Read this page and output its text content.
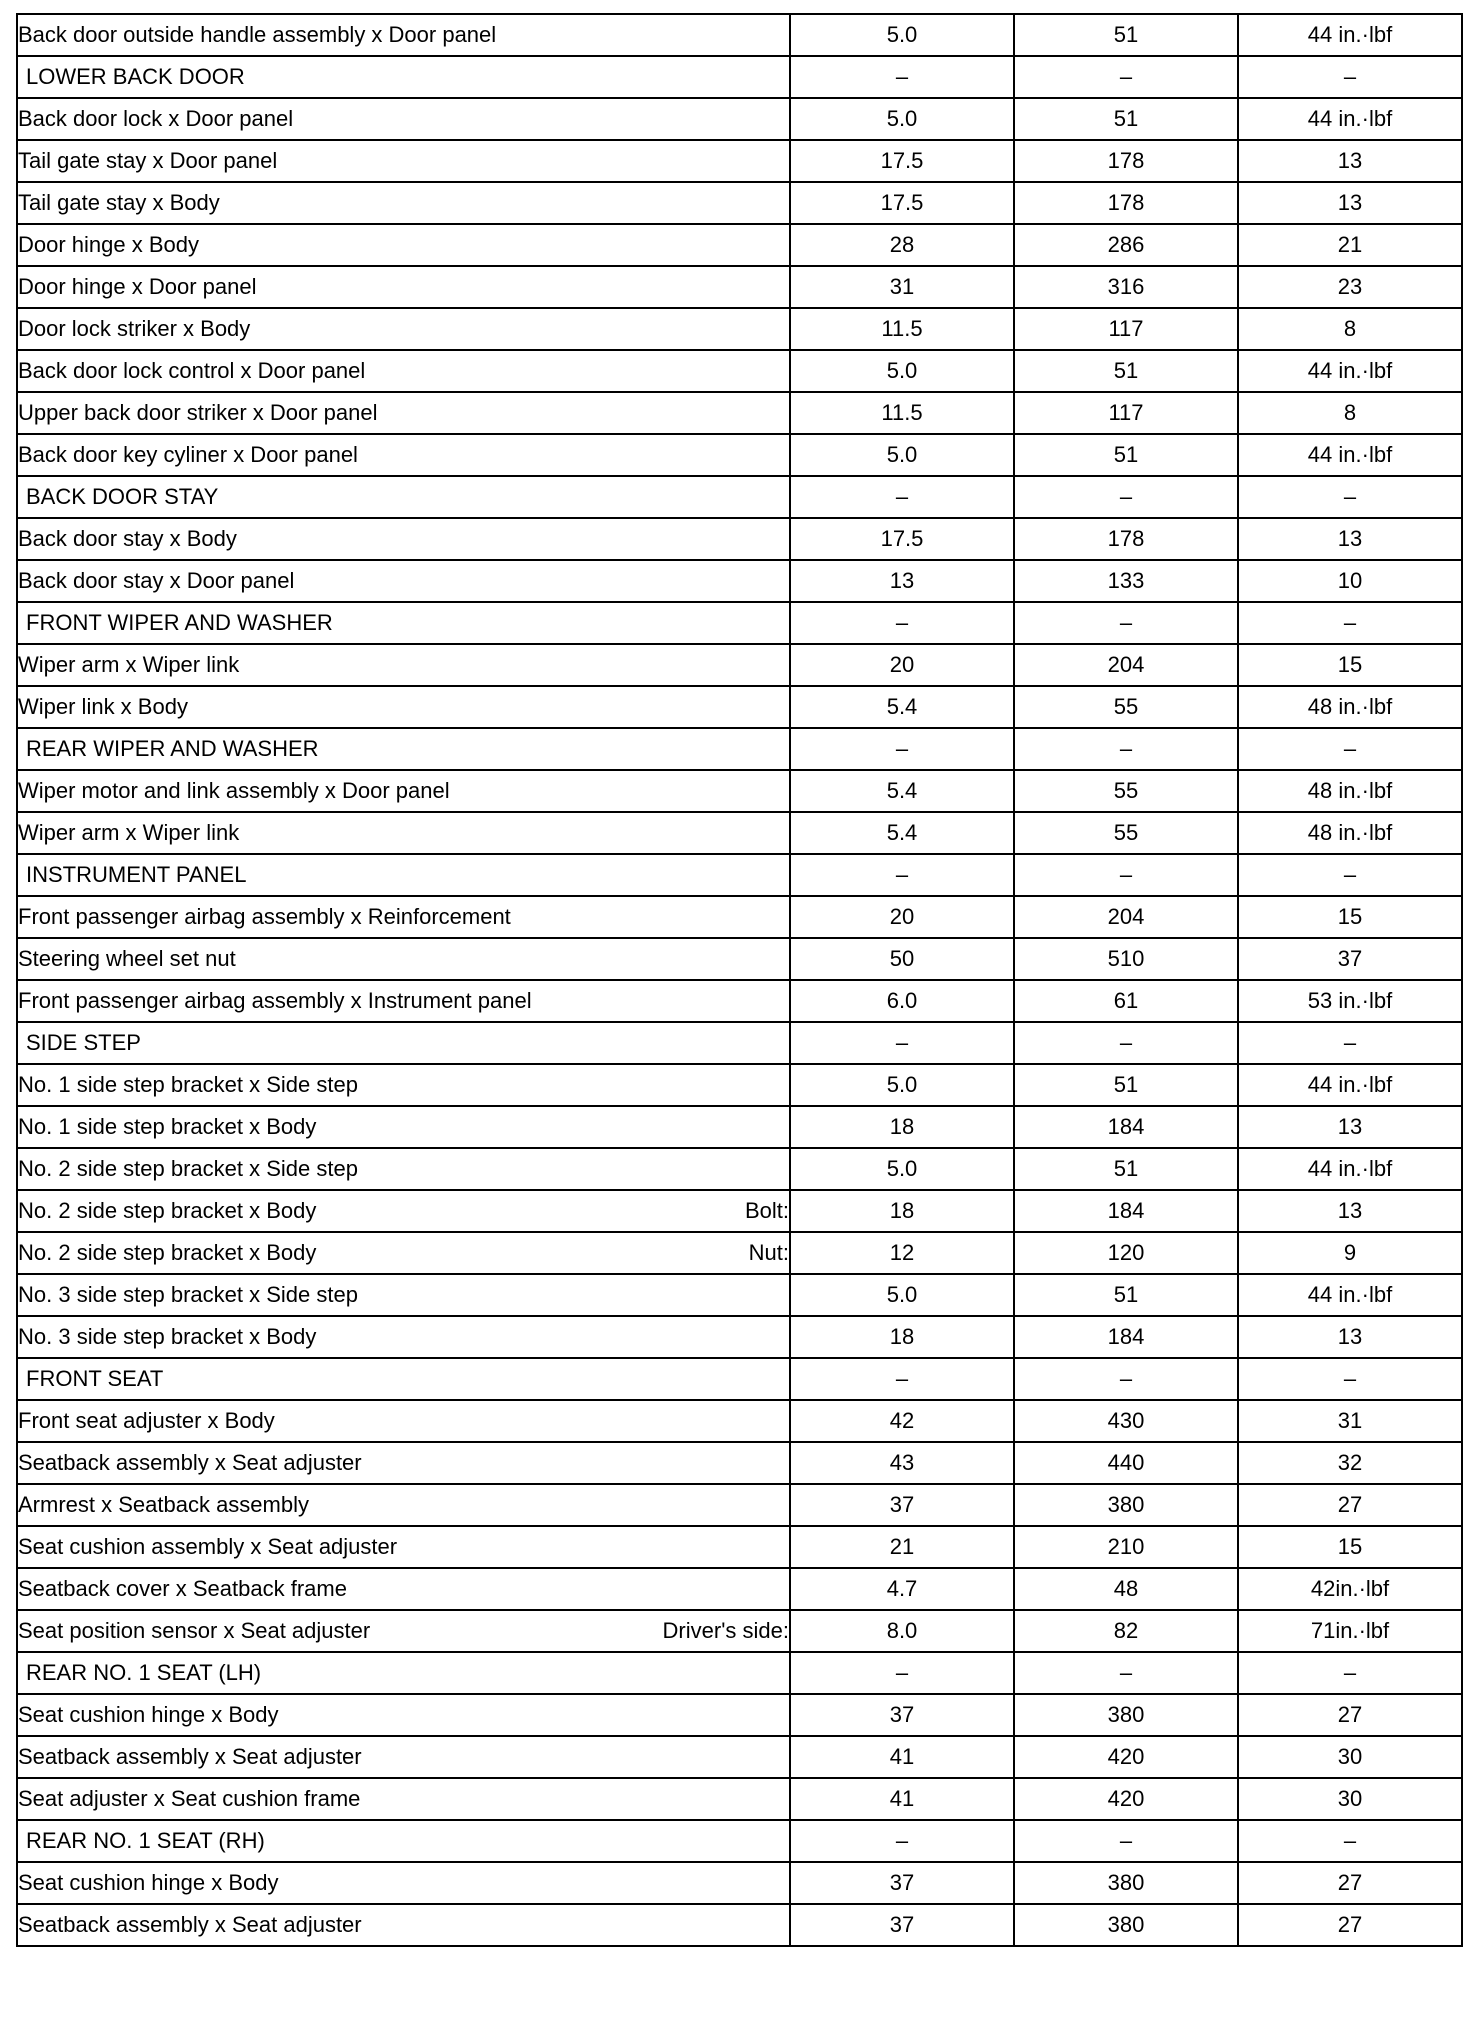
Back door outside handle assembly x Door panel	5.0	51	44 in.·lbf

LOWER BACK DOOR	–	–	–

Back door lock x Door panel	5.0	51	44 in.·lbf

Tail gate stay x Door panel	17.5	178	13

Tail gate stay x Body	17.5	178	13

Door hinge x Body	28	286	21

Door hinge x Door panel	31	316	23

Door lock striker x Body	11.5	117	8

Back door lock control x Door panel	5.0	51	44 in.·lbf

Upper back door striker x Door panel	11.5	117	8

Back door key cyliner x Door panel	5.0	51	44 in.·lbf

BACK DOOR STAY	–	–	–

Back door stay x Body	17.5	178	13

Back door stay x Door panel	13	133	10

FRONT WIPER AND WASHER	–	–	–

Wiper arm x Wiper link	20	204	15

Wiper link x Body	5.4	55	48 in.·lbf

REAR WIPER AND WASHER	–	–	–

Wiper motor and link assembly x Door panel	5.4	55	48 in.·lbf

Wiper arm x Wiper link	5.4	55	48 in.·lbf

INSTRUMENT PANEL	–	–	–

Front passenger airbag assembly x Reinforcement	20	204	15

Steering wheel set nut	50	510	37

Front passenger airbag assembly x Instrument panel	6.0	61	53 in.·lbf

SIDE STEP	–	–	–

No. 1 side step bracket x Side step	5.0	51	44 in.·lbf

No. 1 side step bracket x Body	18	184	13

No. 2 side step bracket x Side step	5.0	51	44 in.·lbf

No. 2 side step bracket x Body Bolt:	18	184	13

No. 2 side step bracket x Body Nut:	12	120	9

No. 3 side step bracket x Side step	5.0	51	44 in.·lbf

No. 3 side step bracket x Body	18	184	13

FRONT SEAT	–	–	–

Front seat adjuster x Body	42	430	31

Seatback assembly x Seat adjuster	43	440	32

Armrest x Seatback assembly	37	380	27

Seat cushion assembly x Seat adjuster	21	210	15

Seatback cover x Seatback frame	4.7	48	42in.·lbf

Seat position sensor x Seat adjuster Driver's side:	8.0	82	71in.·lbf

REAR NO. 1 SEAT (LH)	–	–	–

Seat cushion hinge x Body	37	380	27

Seatback assembly x Seat adjuster	41	420	30

Seat adjuster x Seat cushion frame	41	420	30

REAR NO. 1 SEAT (RH)	–	–	–

Seat cushion hinge x Body	37	380	27

Seatback assembly x Seat adjuster	37	380	27
